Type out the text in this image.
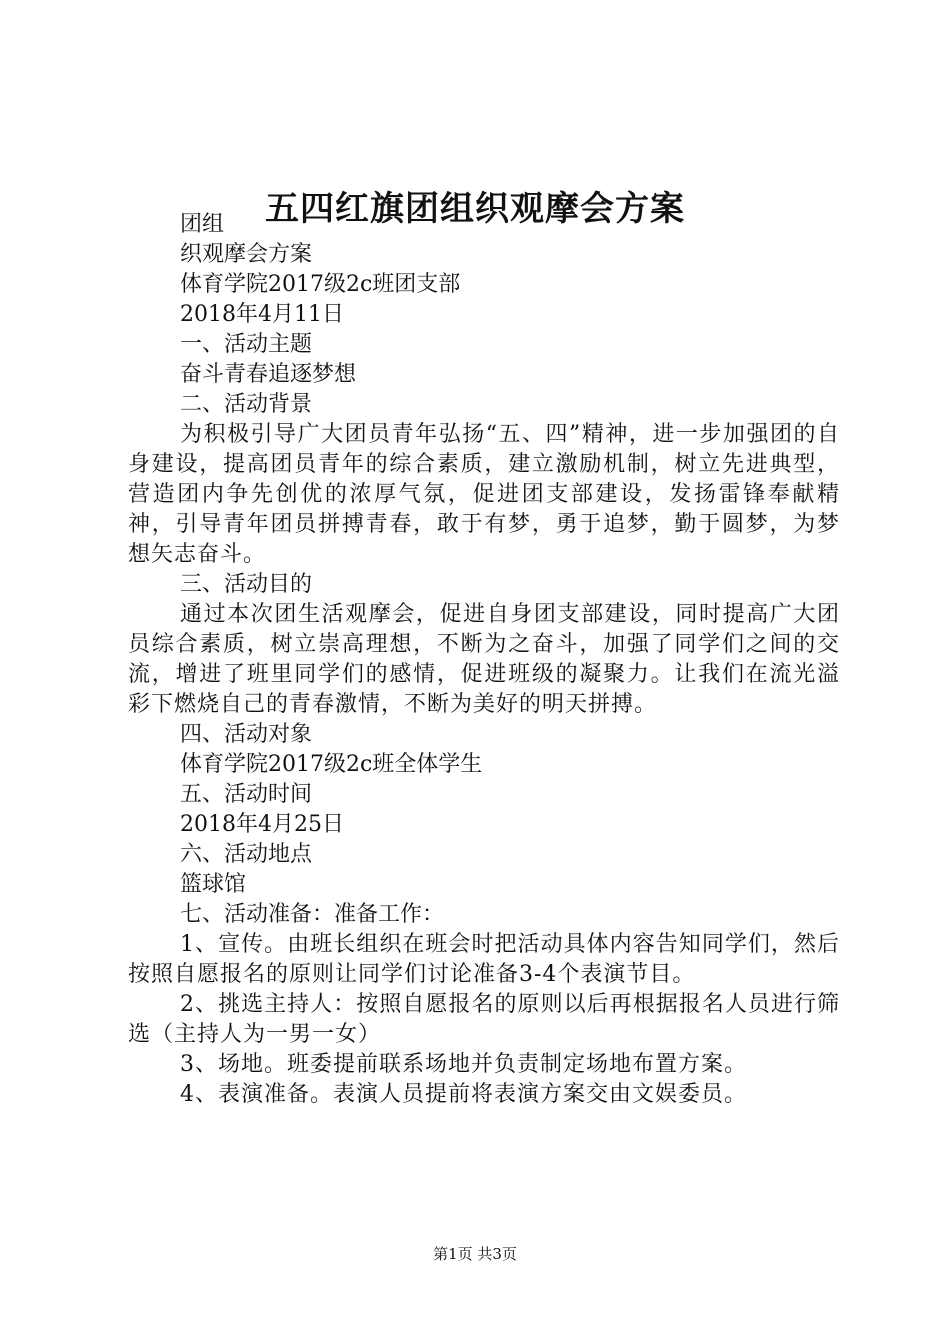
五四红旗团组织观摩会方案

团组

织观摩会方案

体育学院2017级2c班团支部

2018年4月11日

一、活动主题

奋斗青春追逐梦想

二、活动背景

为积极引导广大团员青年弘扬“五、四”精神，进一步加强团的自身建设，提高团员青年的综合素质，建立激励机制，树立先进典型，营造团内争先创优的浓厚气氛，促进团支部建设，发扬雷锋奉献精神，引导青年团员拼搏青春，敢于有梦，勇于追梦，勤于圆梦，为梦想矢志奋斗。

三、活动目的

通过本次团生活观摩会，促进自身团支部建设，同时提高广大团员综合素质，树立崇高理想，不断为之奋斗，加强了同学们之间的交流，增进了班里同学们的感情，促进班级的凝聚力。让我们在流光溢彩下燃烧自己的青春激情，不断为美好的明天拼搏。

四、活动对象

体育学院2017级2c班全体学生

五、活动时间

2018年4月25日

六、活动地点

篮球馆

七、活动准备：准备工作：

1、宣传。由班长组织在班会时把活动具体内容告知同学们，然后按照自愿报名的原则让同学们讨论准备3-4个表演节目。

2、挑选主持人：按照自愿报名的原则以后再根据报名人员进行筛选（主持人为一男一女）

3、场地。班委提前联系场地并负责制定场地布置方案。

4、表演准备。表演人员提前将表演方案交由文娱委员。

第1页 共3页
